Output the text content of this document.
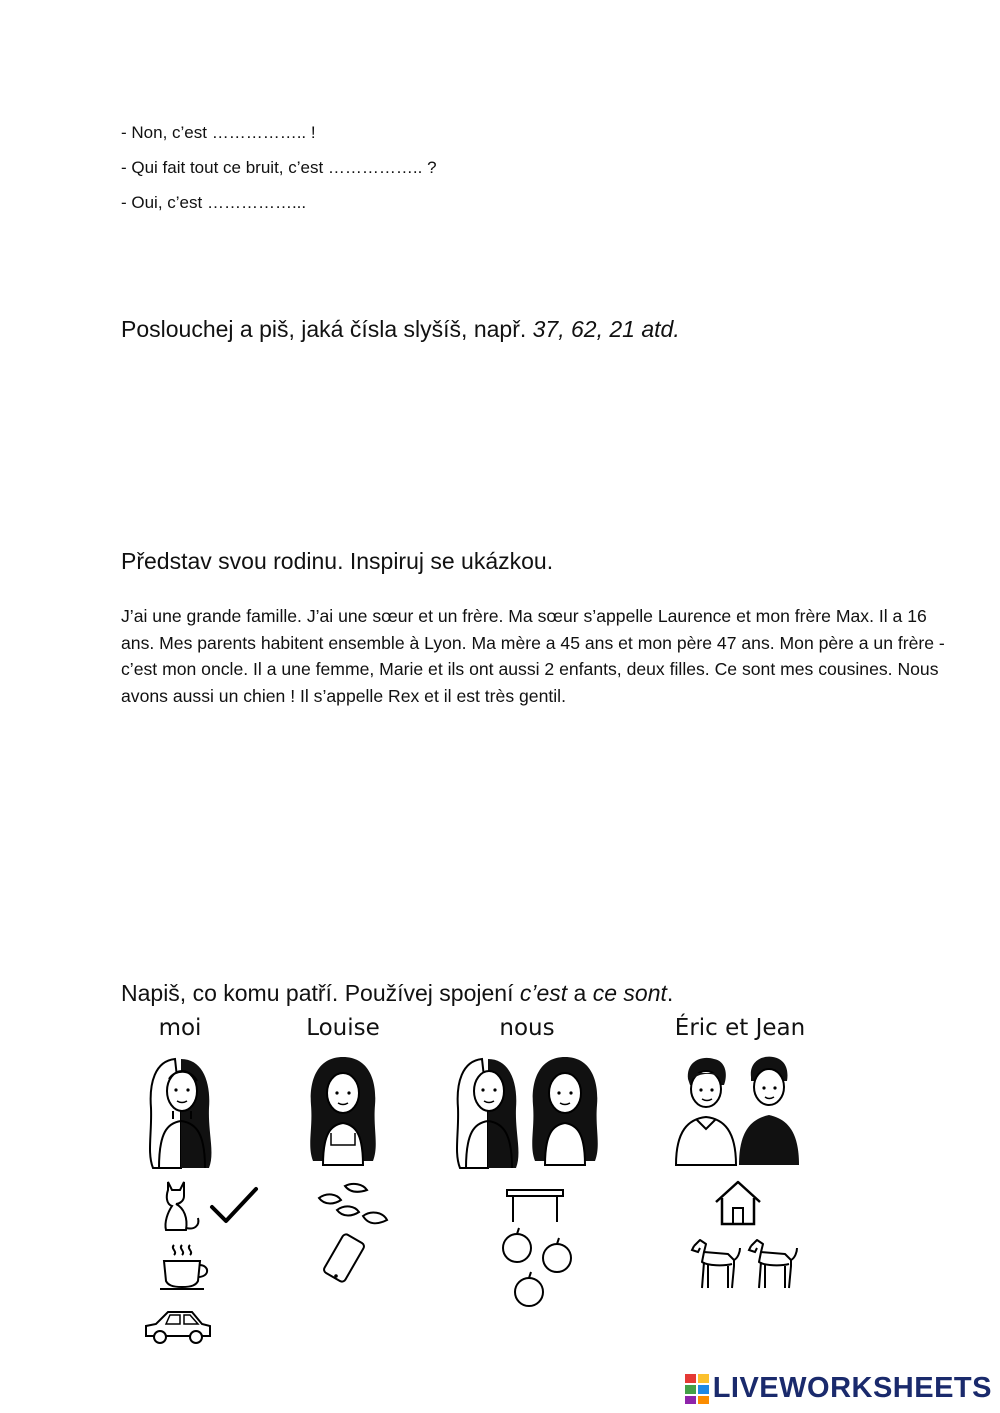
- Non, c’est …………….. !
- Qui fait tout ce bruit, c’est …………….. ?
- Oui, c’est ……………...
Poslouchej a piš, jaká čísla slyšíš, např. 37, 62, 21 atd.
Představ svou rodinu. Inspiruj se ukázkou.
J’ai une grande famille. J’ai une sœur et un frère. Ma sœur s’appelle Laurence et mon frère Max. Il a 16 ans. Mes parents habitent ensemble à Lyon. Ma mère a 45 ans et mon père 47 ans. Mon père a un frère - c’est mon oncle. Il a une femme, Marie et ils ont aussi 2 enfants, deux filles. Ce sont mes cousines. Nous avons aussi un chien ! Il s’appelle Rex et il est très gentil.
Napiš, co komu patří. Používej spojení c’est a ce sont.
moi	Louise	nous	Éric et Jean
LIVEWORKSHEETS
